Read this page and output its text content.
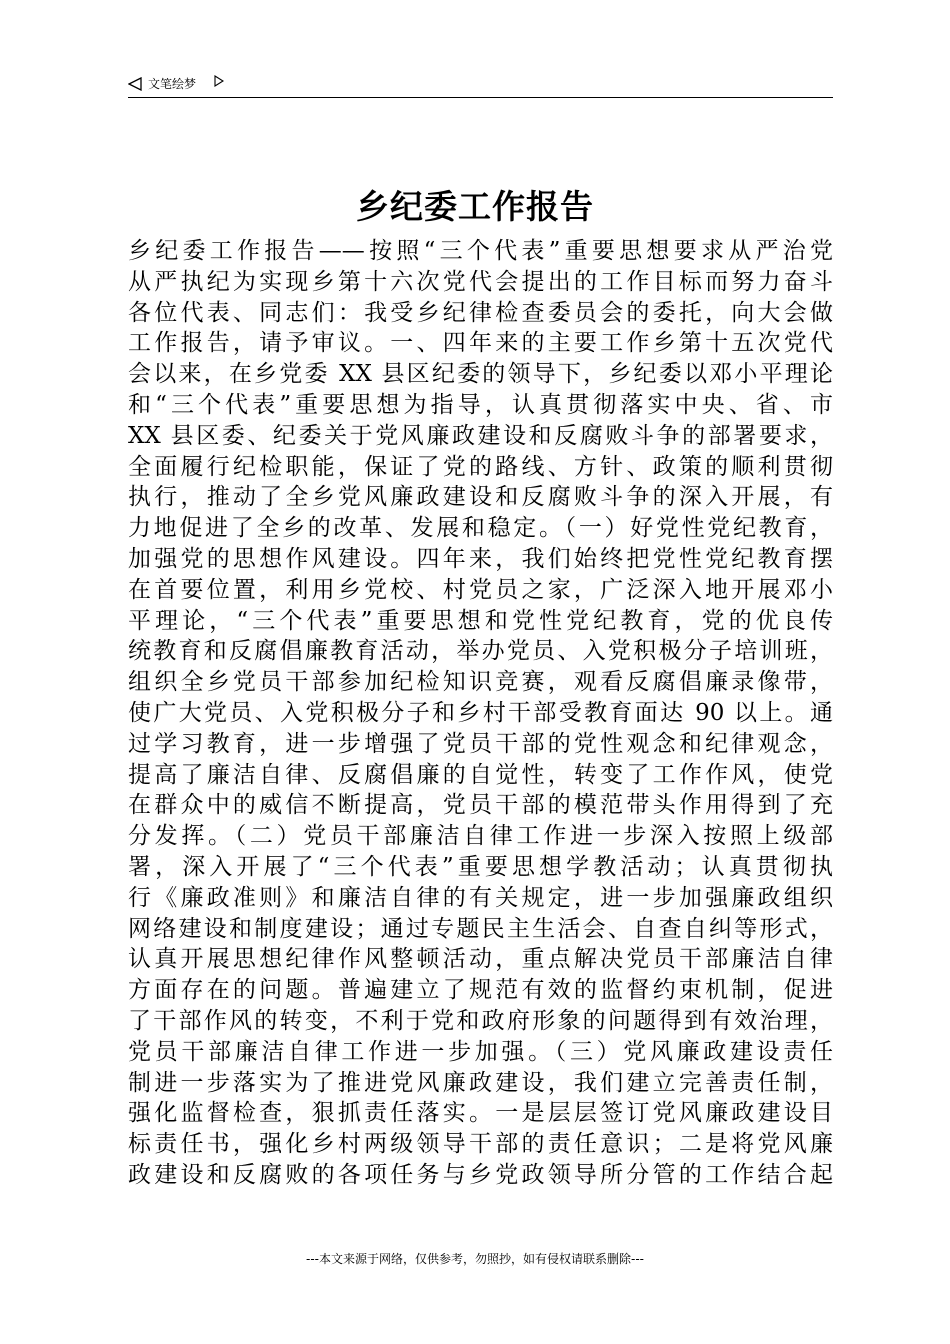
文笔绘梦
乡纪委工作报告
乡纪委工作报告——按照“三个代表”重要思想要求从严治党
从严执纪为实现乡第十六次党代会提出的工作目标而努力奋斗
各位代表、同志们：我受乡纪律检查委员会的委托，向大会做
工作报告，请予审议。一、四年来的主要工作乡第十五次党代
会以来，在乡党委 XX 县区纪委的领导下，乡纪委以邓小平理论
和“三个代表”重要思想为指导，认真贯彻落实中央、省、市
XX 县区委、纪委关于党风廉政建设和反腐败斗争的部署要求，
全面履行纪检职能，保证了党的路线、方针、政策的顺利贯彻
执行，推动了全乡党风廉政建设和反腐败斗争的深入开展，有
力地促进了全乡的改革、发展和稳定。（一）好党性党纪教育，
加强党的思想作风建设。四年来，我们始终把党性党纪教育摆
在首要位置，利用乡党校、村党员之家，广泛深入地开展邓小
平理论，“三个代表”重要思想和党性党纪教育，党的优良传
统教育和反腐倡廉教育活动，举办党员、入党积极分子培训班，
组织全乡党员干部参加纪检知识竞赛，观看反腐倡廉录像带，
使广大党员、入党积极分子和乡村干部受教育面达 90 以上。通
过学习教育，进一步增强了党员干部的党性观念和纪律观念，
提高了廉洁自律、反腐倡廉的自觉性，转变了工作作风，使党
在群众中的威信不断提高，党员干部的模范带头作用得到了充
分发挥。（二）党员干部廉洁自律工作进一步深入按照上级部
署，深入开展了“三个代表”重要思想学教活动；认真贯彻执
行《廉政准则》和廉洁自律的有关规定，进一步加强廉政组织
网络建设和制度建设；通过专题民主生活会、自查自纠等形式，
认真开展思想纪律作风整顿活动，重点解决党员干部廉洁自律
方面存在的问题。普遍建立了规范有效的监督约束机制，促进
了干部作风的转变，不利于党和政府形象的问题得到有效治理，
党员干部廉洁自律工作进一步加强。（三）党风廉政建设责任
制进一步落实为了推进党风廉政建设，我们建立完善责任制，
强化监督检查，狠抓责任落实。一是层层签订党风廉政建设目
标责任书，强化乡村两级领导干部的责任意识；二是将党风廉
政建设和反腐败的各项任务与乡党政领导所分管的工作结合起
---本文来源于网络，仅供参考，勿照抄，如有侵权请联系删除---
